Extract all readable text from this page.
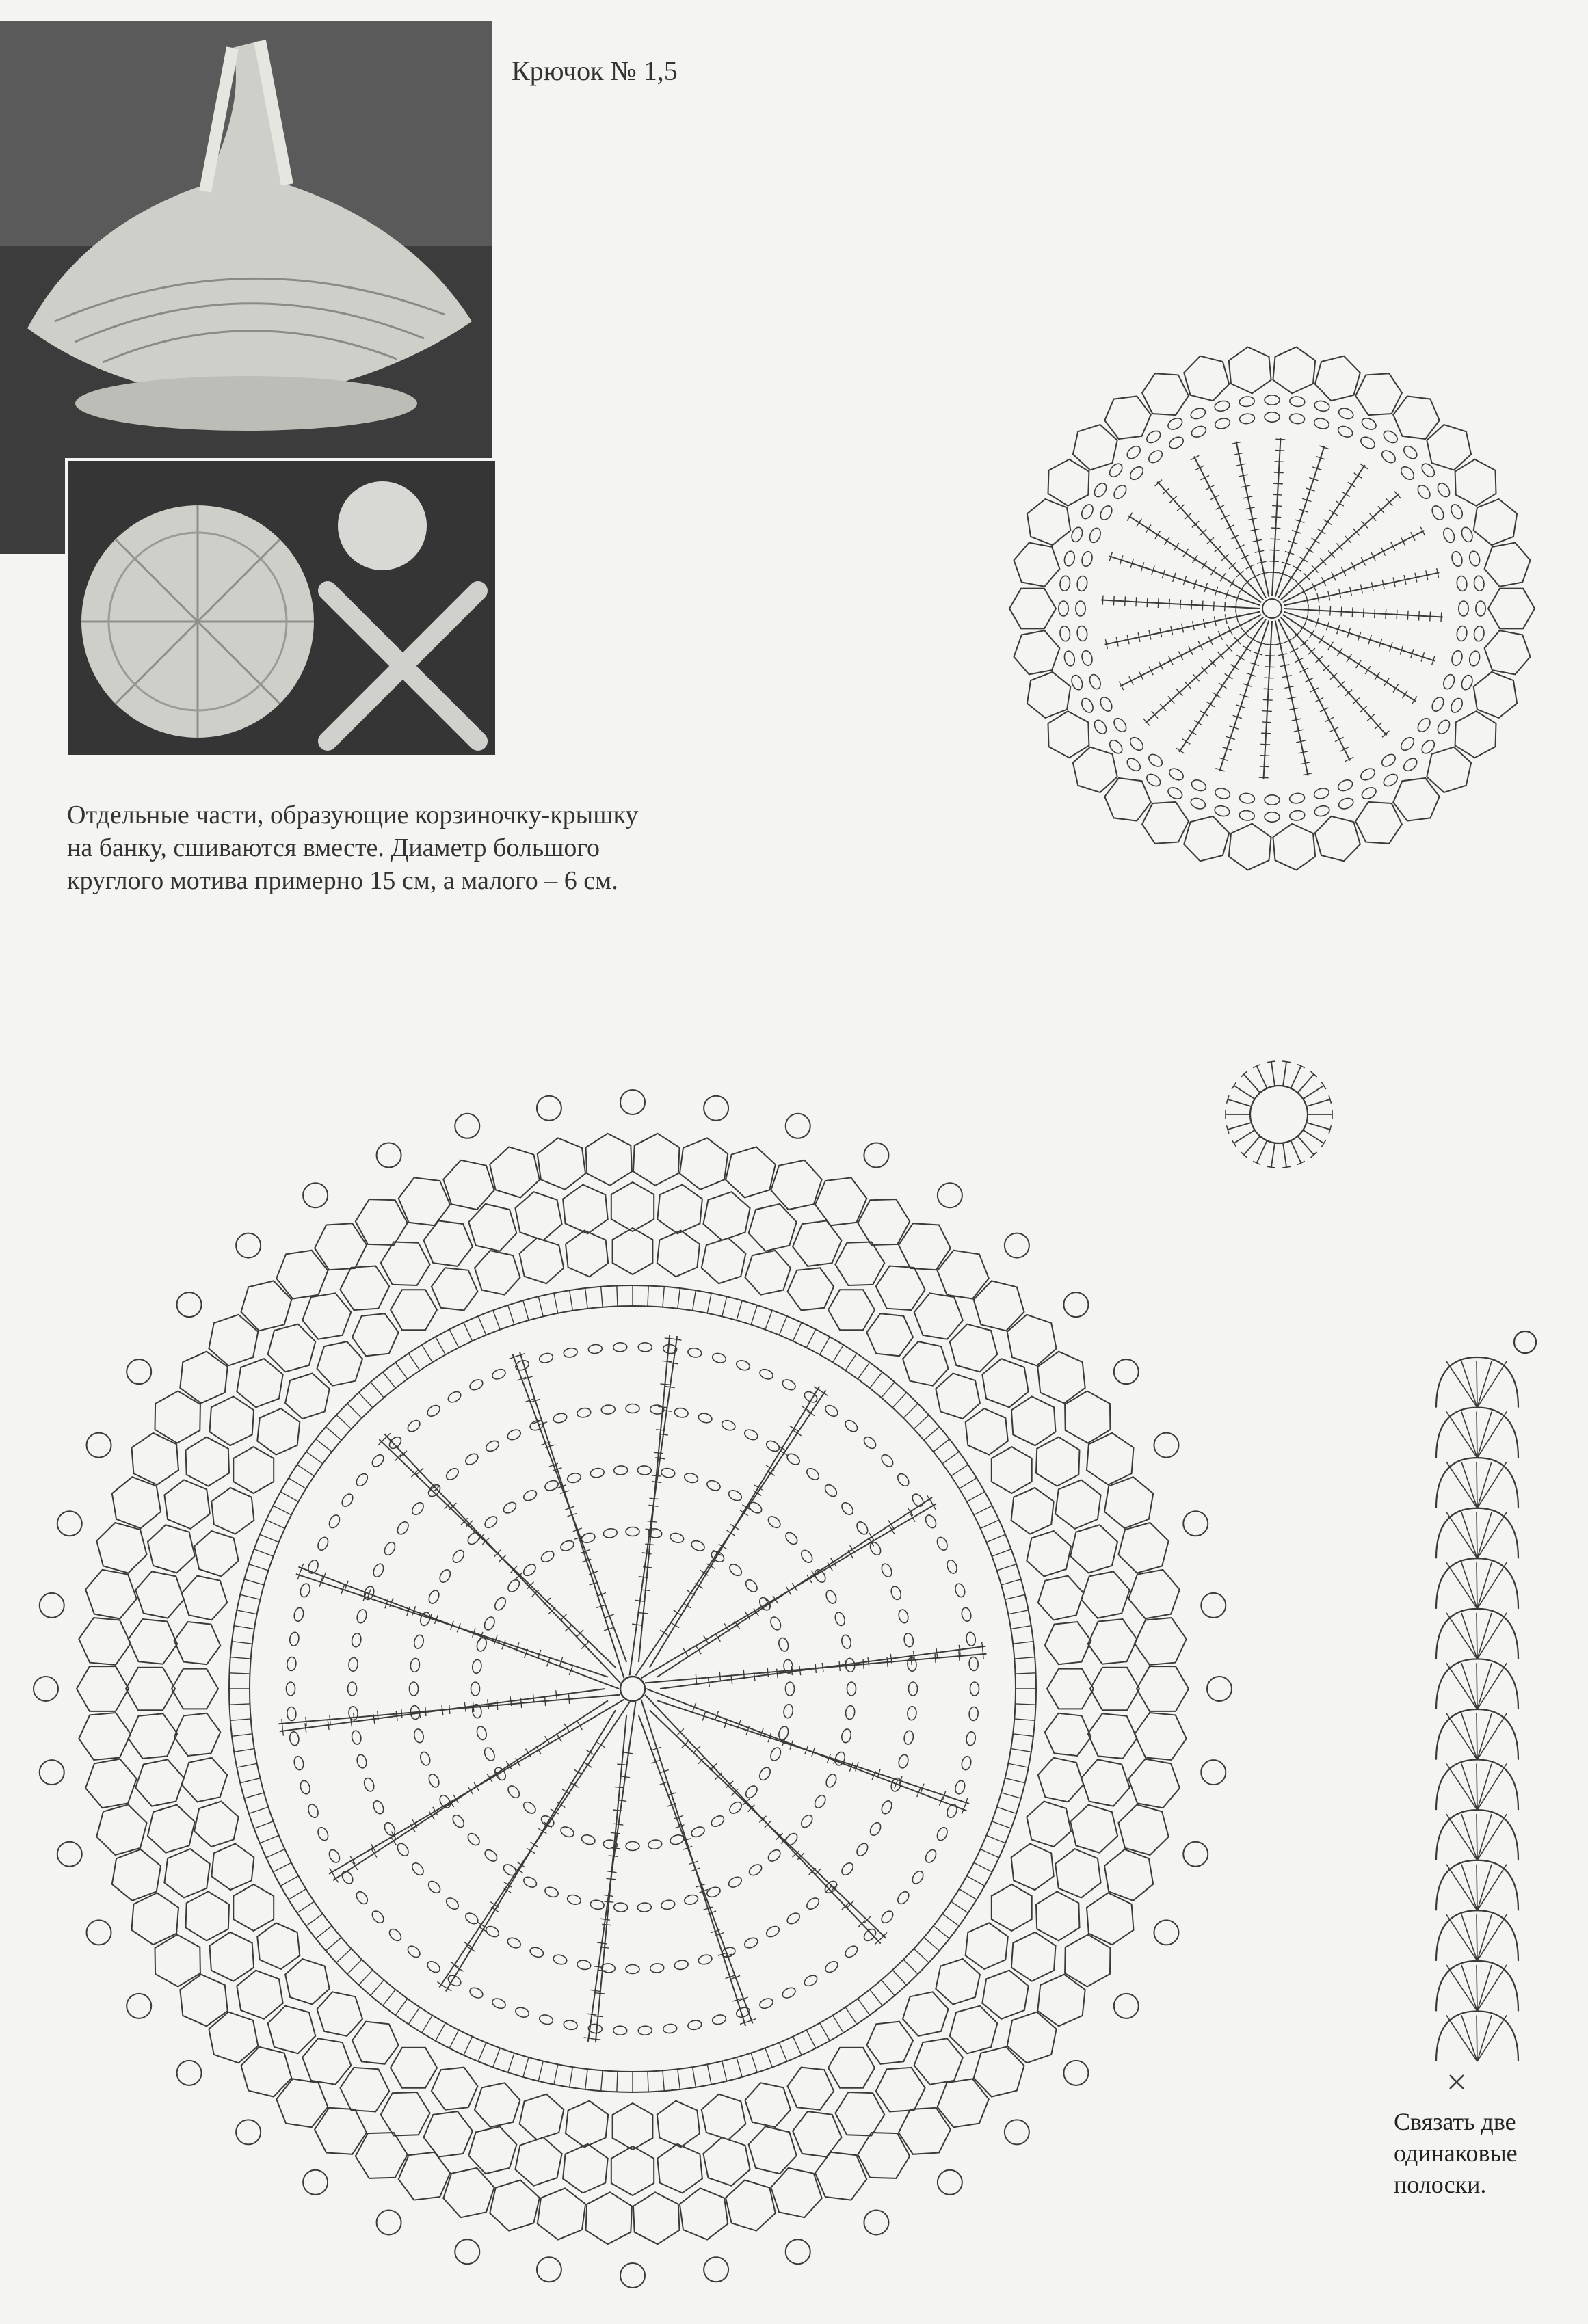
Крючок № 1,5
Отдельные части, образующие корзиночку-крышку
на банку, сшиваются вместе. Диаметр большого
круглого мотива примерно 15 см, а малого – 6 см.
Связать две
одинаковые
полоски.
